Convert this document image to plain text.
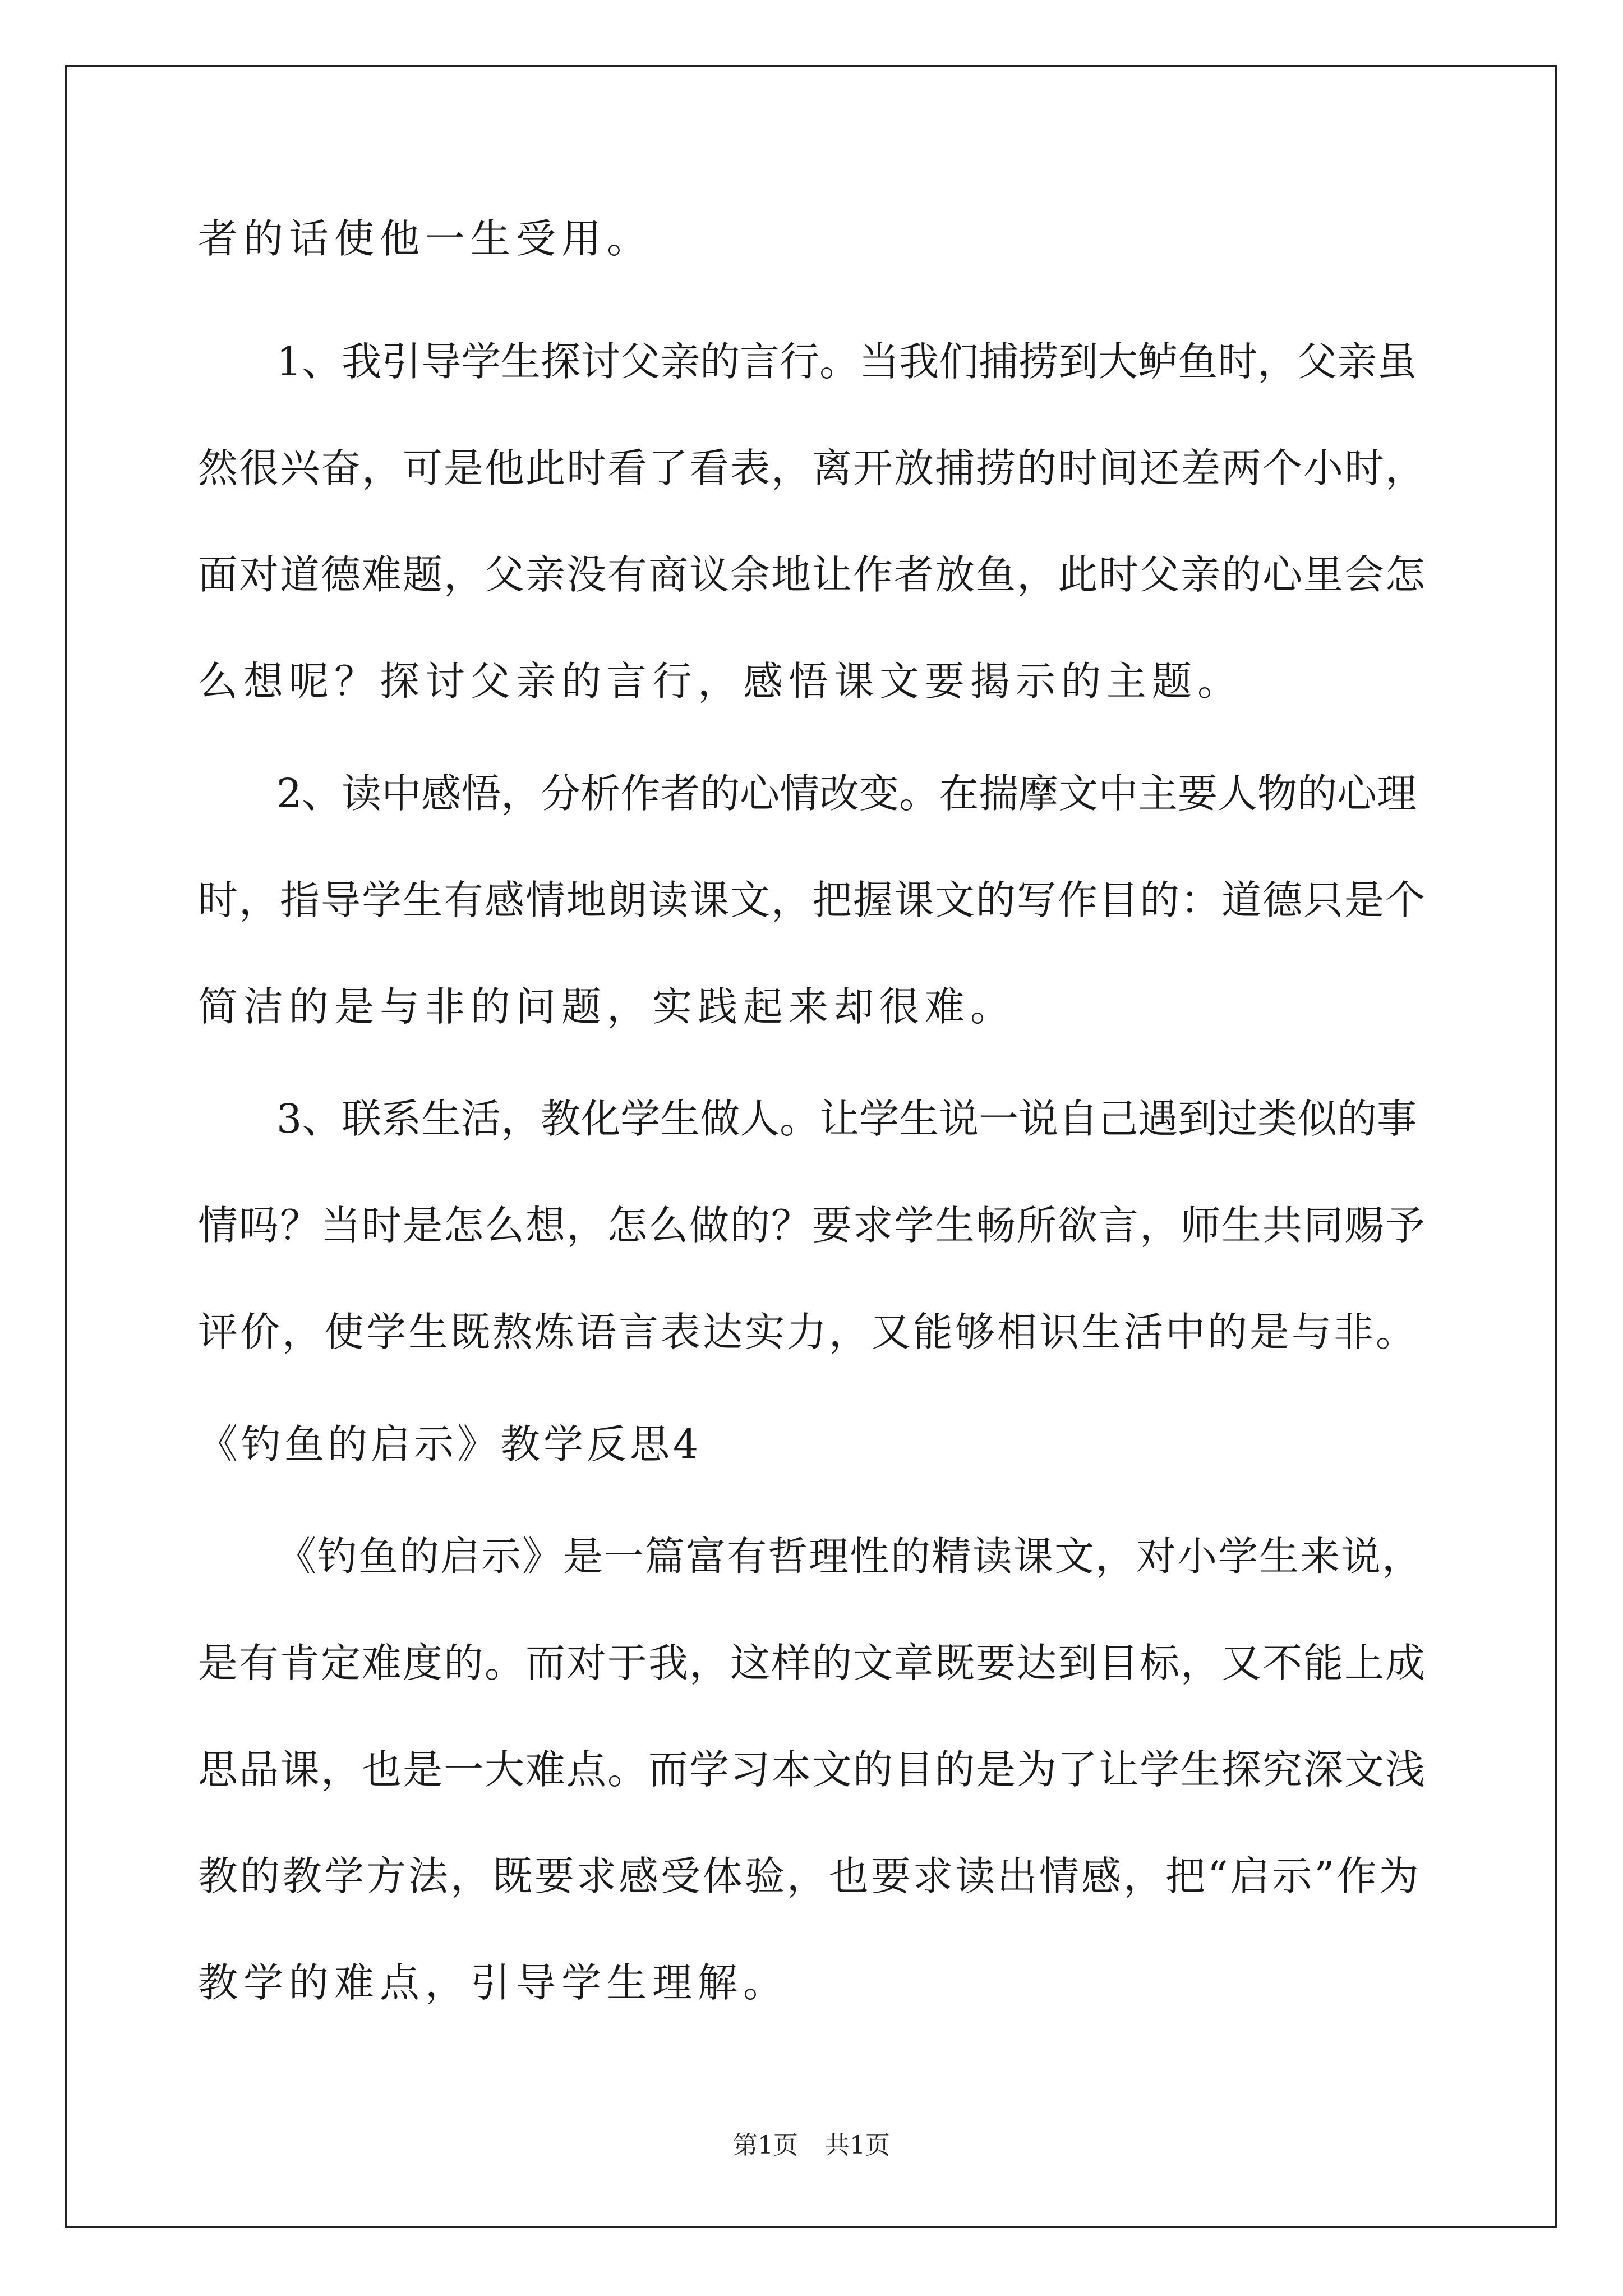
者的话使他一生受用。
1、我引导学生探讨父亲的言行。当我们捕捞到大鲈鱼时，父亲虽
然很兴奋，可是他此时看了看表，离开放捕捞的时间还差两个小时，
面对道德难题，父亲没有商议余地让作者放鱼，此时父亲的心里会怎
么想呢？探讨父亲的言行，感悟课文要揭示的主题。
2、读中感悟，分析作者的心情改变。在揣摩文中主要人物的心理
时，指导学生有感情地朗读课文，把握课文的写作目的：道德只是个
简洁的是与非的问题，实践起来却很难。
3、联系生活，教化学生做人。让学生说一说自己遇到过类似的事
情吗？当时是怎么想，怎么做的？要求学生畅所欲言，师生共同赐予
评价，使学生既熬炼语言表达实力，又能够相识生活中的是与非。
《钓鱼的启示》教学反思4
《钓鱼的启示》是一篇富有哲理性的精读课文，对小学生来说，
是有肯定难度的。而对于我，这样的文章既要达到目标，又不能上成
思品课，也是一大难点。而学习本文的目的是为了让学生探究深文浅
教的教学方法，既要求感受体验，也要求读出情感，把“启示”作为
教学的难点，引导学生理解。
第1页 共1页
